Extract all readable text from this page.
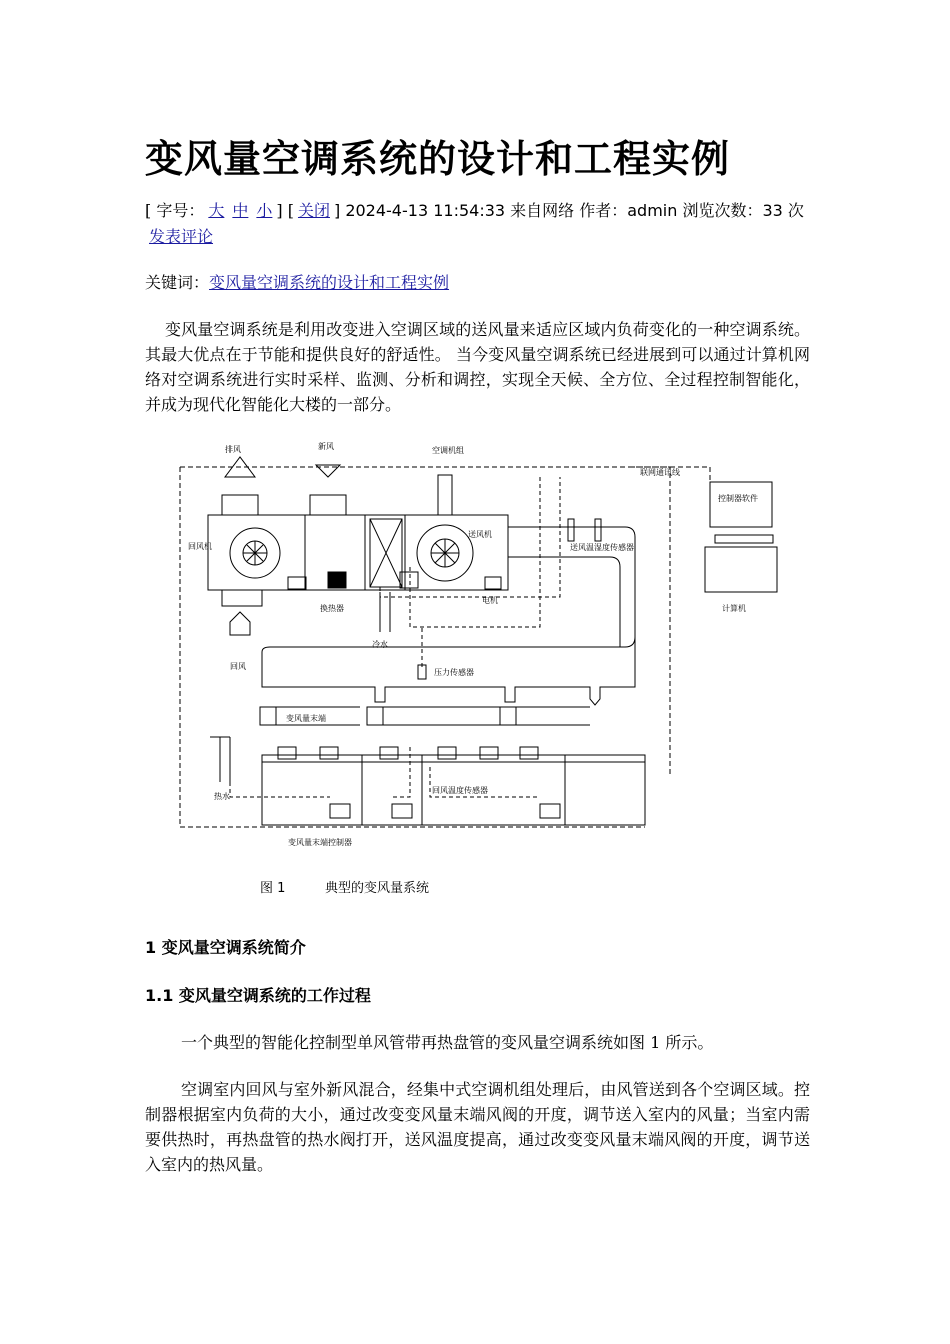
变风量空调系统的设计和工程实例
[ 字号： 大 中 小 ] [ 关闭 ] 2024-4-13 11:54:33 来自网络 作者：admin 浏览次数：33 次发表评论
关键词：变风量空调系统的设计和工程实例
变风量空调系统是利用改变进入空调区域的送风量来适应区域内负荷变化的一种空调系统。其最大优点在于节能和提供良好的舒适性。 当今变风量空调系统已经进展到可以通过计算机网络对空调系统进行实时采样、监测、分析和调控，实现全天候、全方位、全过程控制智能化，并成为现代化智能化大楼的一部分。
排风	新风	空调机组
联网通讯线
回风机
送风机
控制器软件
计算机
送风温湿度传感器
换热器
电机
冷水
回风
压力传感器
变风量末端
热水
回风温度传感器
变风量末端控制器
图 1	典型的变风量系统
1 变风量空调系统简介
1.1 变风量空调系统的工作过程
一个典型的智能化控制型单风管带再热盘管的变风量空调系统如图 1 所示。
空调室内回风与室外新风混合，经集中式空调机组处理后，由风管送到各个空调区域。控制器根据室内负荷的大小，通过改变变风量末端风阀的开度，调节送入室内的风量；当室内需要供热时，再热盘管的热水阀打开，送风温度提高，通过改变变风量末端风阀的开度，调节送入室内的热风量。
